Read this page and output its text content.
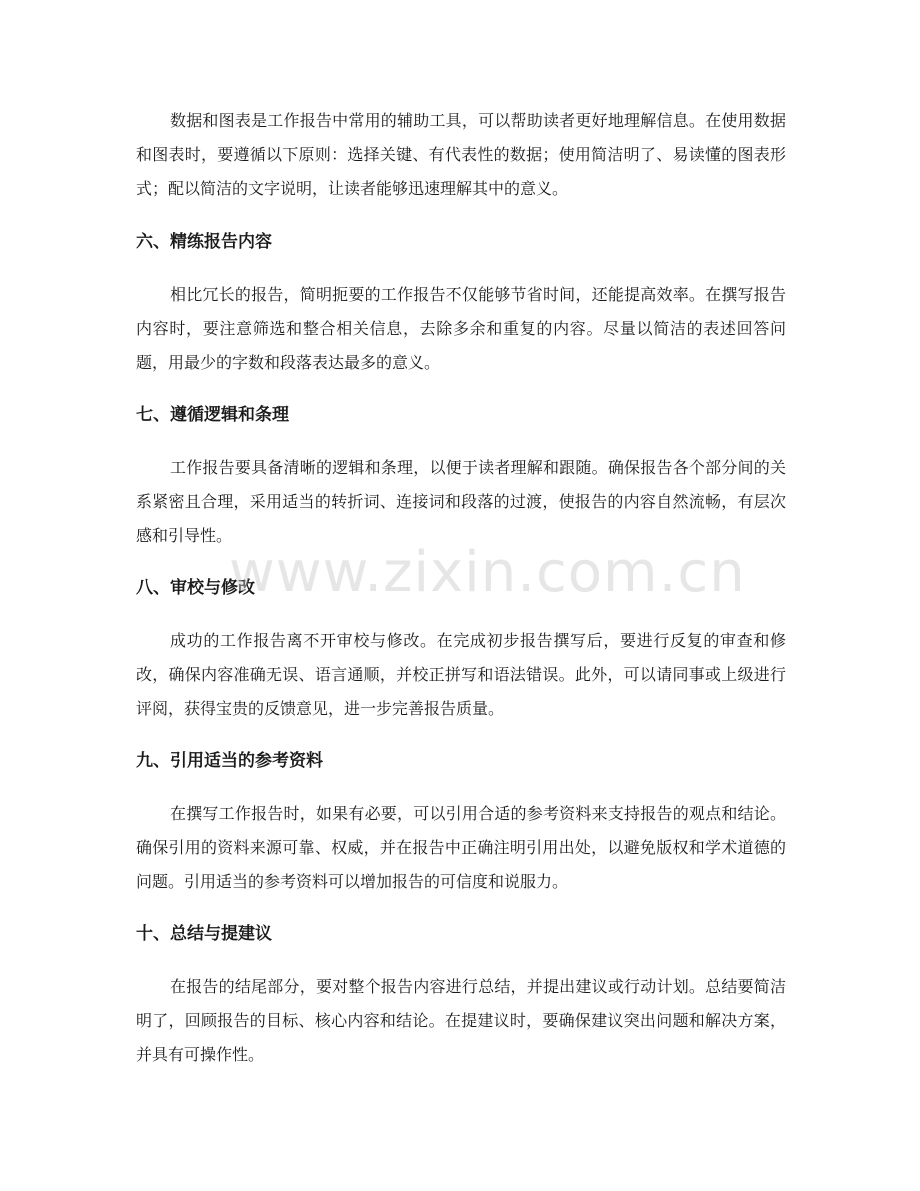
数据和图表是工作报告中常用的辅助工具，可以帮助读者更好地理解信息。在使用数据和图表时，要遵循以下原则：选择关键、有代表性的数据；使用简洁明了、易读懂的图表形式；配以简洁的文字说明，让读者能够迅速理解其中的意义。

六、精练报告内容

相比冗长的报告，简明扼要的工作报告不仅能够节省时间，还能提高效率。在撰写报告内容时，要注意筛选和整合相关信息，去除多余和重复的内容。尽量以简洁的表述回答问题，用最少的字数和段落表达最多的意义。

七、遵循逻辑和条理

工作报告要具备清晰的逻辑和条理，以便于读者理解和跟随。确保报告各个部分间的关系紧密且合理，采用适当的转折词、连接词和段落的过渡，使报告的内容自然流畅，有层次感和引导性。

八、审校与修改

成功的工作报告离不开审校与修改。在完成初步报告撰写后，要进行反复的审查和修改，确保内容准确无误、语言通顺，并校正拼写和语法错误。此外，可以请同事或上级进行评阅，获得宝贵的反馈意见，进一步完善报告质量。

九、引用适当的参考资料

在撰写工作报告时，如果有必要，可以引用合适的参考资料来支持报告的观点和结论。确保引用的资料来源可靠、权威，并在报告中正确注明引用出处，以避免版权和学术道德的问题。引用适当的参考资料可以增加报告的可信度和说服力。

十、总结与提建议

在报告的结尾部分，要对整个报告内容进行总结，并提出建议或行动计划。总结要简洁明了，回顾报告的目标、核心内容和结论。在提建议时，要确保建议突出问题和解决方案，并具有可操作性。

www.zixin.com.cn
